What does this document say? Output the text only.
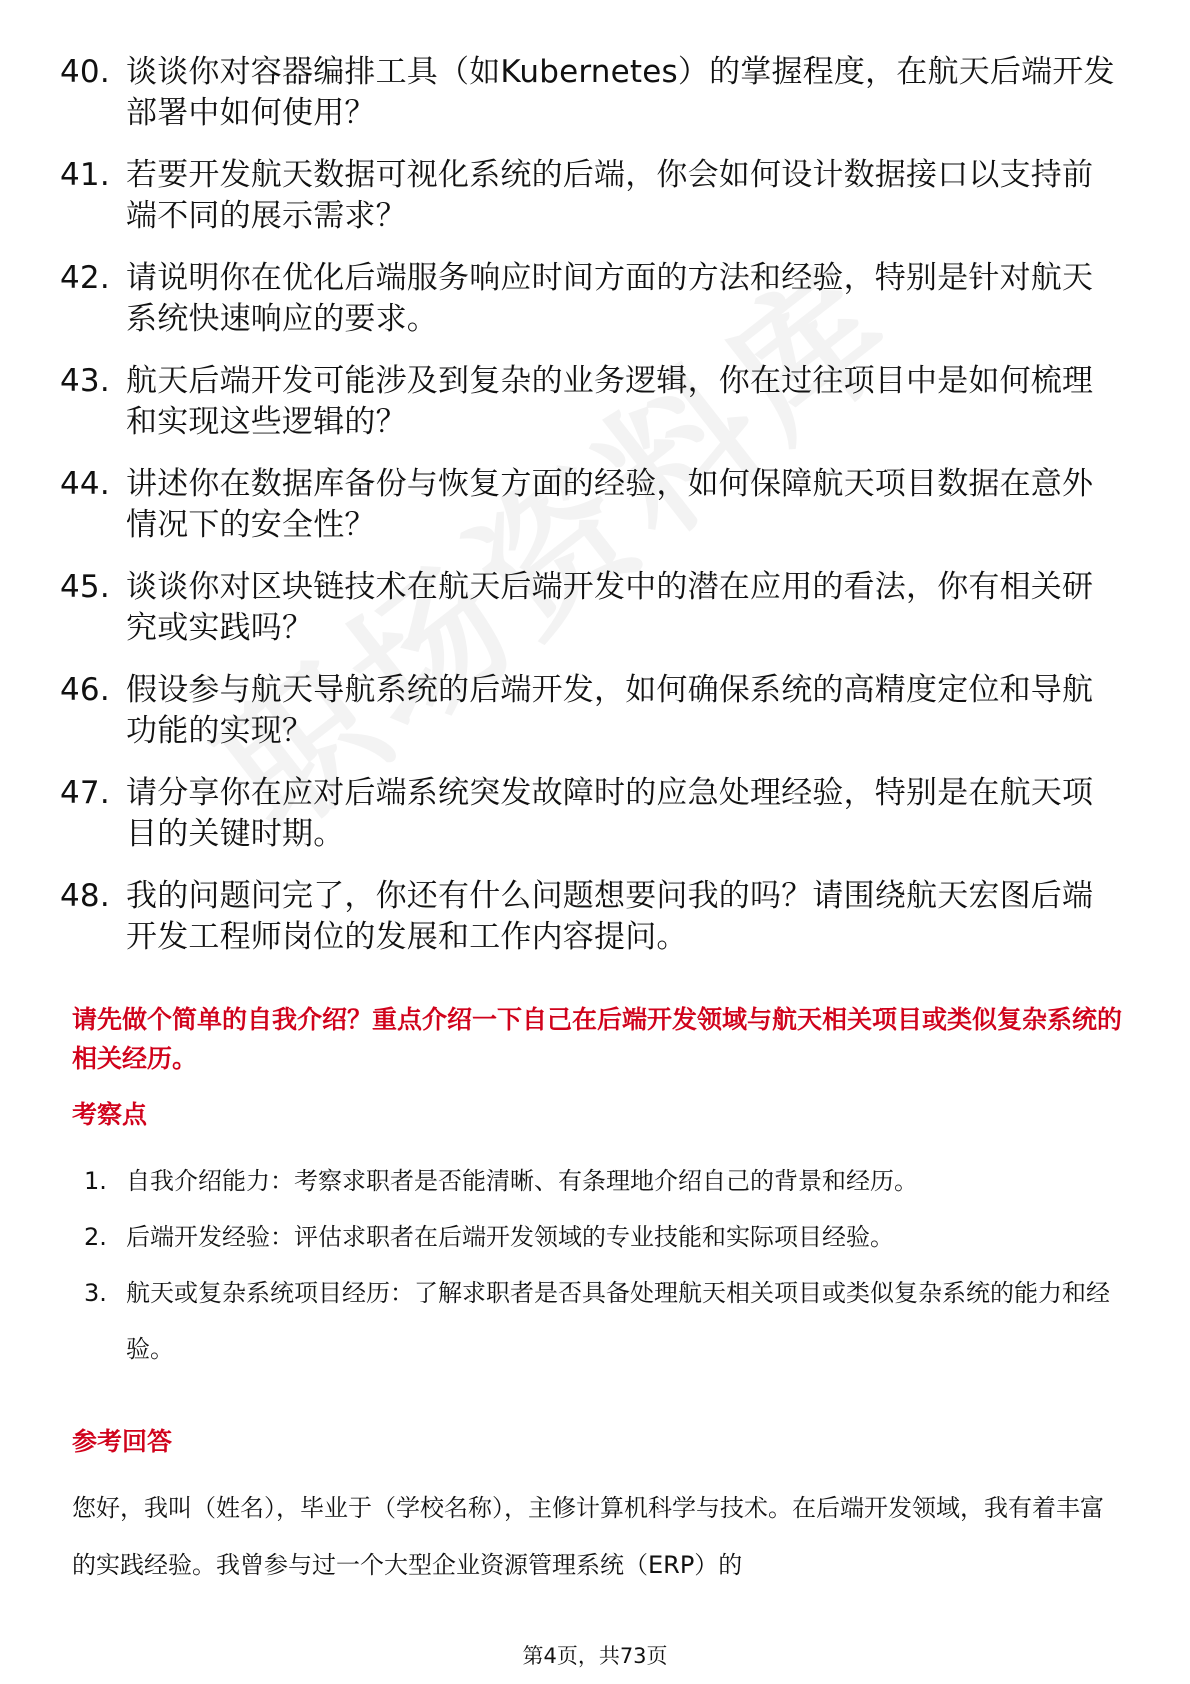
40. 谈谈你对容器编排工具（如Kubernetes）的掌握程度，在航天后端开发部署中如何使用？
41. 若要开发航天数据可视化系统的后端，你会如何设计数据接口以支持前端不同的展示需求？
42. 请说明你在优化后端服务响应时间方面的方法和经验，特别是针对航天系统快速响应的要求。
43. 航天后端开发可能涉及到复杂的业务逻辑，你在过往项目中是如何梳理和实现这些逻辑的？
44. 讲述你在数据库备份与恢复方面的经验，如何保障航天项目数据在意外情况下的安全性？
45. 谈谈你对区块链技术在航天后端开发中的潜在应用的看法，你有相关研究或实践吗？
46. 假设参与航天导航系统的后端开发，如何确保系统的高精度定位和导航功能的实现？
47. 请分享你在应对后端系统突发故障时的应急处理经验，特别是在航天项目的关键时期。
48. 我的问题问完了，你还有什么问题想要问我的吗？请围绕航天宏图后端开发工程师岗位的发展和工作内容提问。
请先做个简单的自我介绍？重点介绍一下自己在后端开发领域与航天相关项目或类似复杂系统的相关经历。
考察点
1. 自我介绍能力：考察求职者是否能清晰、有条理地介绍自己的背景和经历。
2. 后端开发经验：评估求职者在后端开发领域的专业技能和实际项目经验。
3. 航天或复杂系统项目经历：了解求职者是否具备处理航天相关项目或类似复杂系统的能力和经验。
参考回答

您好，我叫（姓名），毕业于（学校名称），主修计算机科学与技术。在后端开发领域，我有着丰富的实践经验。我曾参与过一个大型企业资源管理系统（ERP）的

第4页，共73页
